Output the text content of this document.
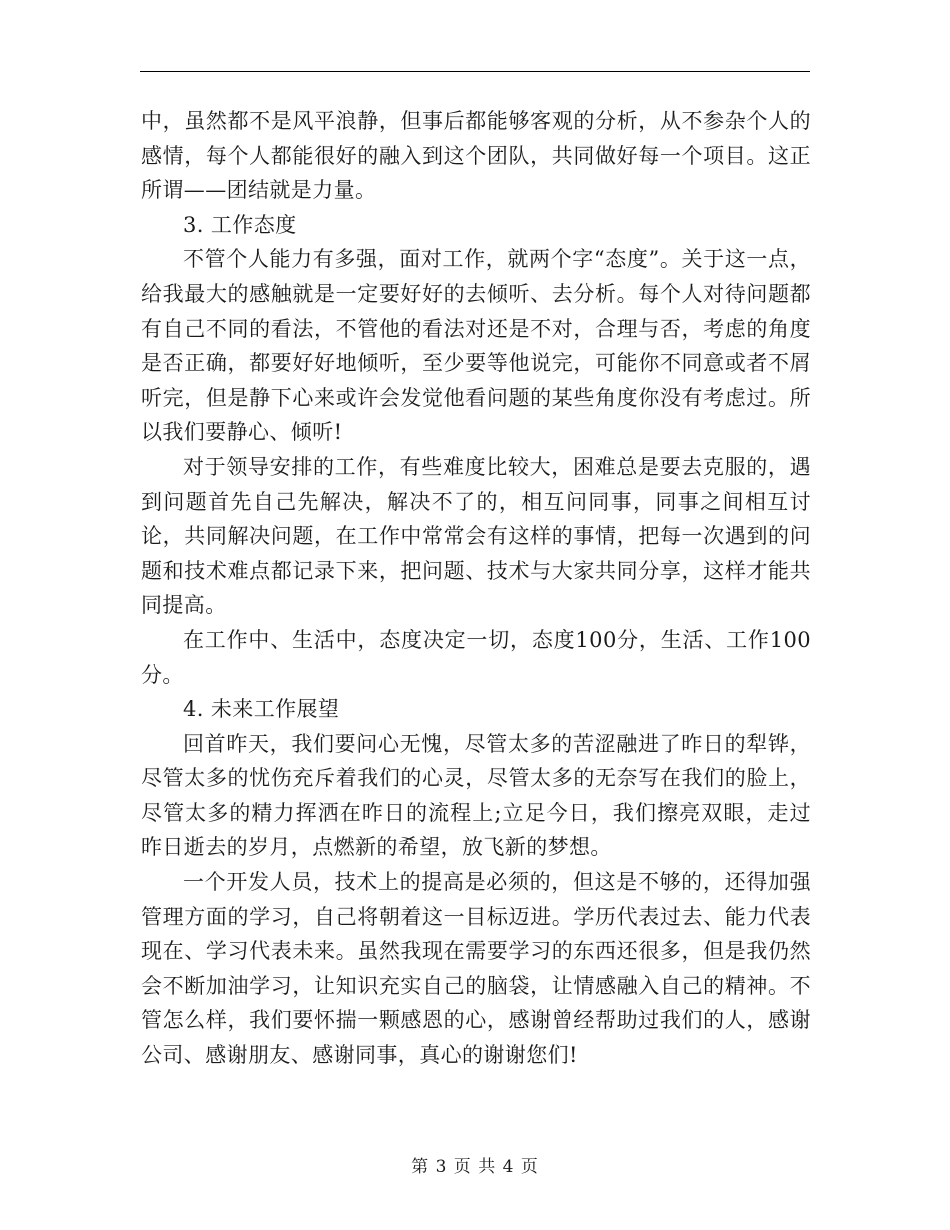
中，虽然都不是风平浪静，但事后都能够客观的分析，从不参杂个人的感情，每个人都能很好的融入到这个团队，共同做好每一个项目。这正所谓——团结就是力量。

3. 工作态度

不管个人能力有多强，面对工作，就两个字“态度”。关于这一点，给我最大的感触就是一定要好好的去倾听、去分析。每个人对待问题都有自己不同的看法，不管他的看法对还是不对，合理与否，考虑的角度是否正确，都要好好地倾听，至少要等他说完，可能你不同意或者不屑听完，但是静下心来或许会发觉他看问题的某些角度你没有考虑过。所以我们要静心、倾听!

对于领导安排的工作，有些难度比较大，困难总是要去克服的，遇到问题首先自己先解决，解决不了的，相互问同事，同事之间相互讨论，共同解决问题，在工作中常常会有这样的事情，把每一次遇到的问题和技术难点都记录下来，把问题、技术与大家共同分享，这样才能共同提高。

在工作中、生活中，态度决定一切，态度100分，生活、工作100分。

4. 未来工作展望

回首昨天，我们要问心无愧，尽管太多的苦涩融进了昨日的犁铧，尽管太多的忧伤充斥着我们的心灵，尽管太多的无奈写在我们的脸上，尽管太多的精力挥洒在昨日的流程上;立足今日，我们擦亮双眼，走过昨日逝去的岁月，点燃新的希望，放飞新的梦想。

一个开发人员，技术上的提高是必须的，但这是不够的，还得加强管理方面的学习，自己将朝着这一目标迈进。学历代表过去、能力代表现在、学习代表未来。虽然我现在需要学习的东西还很多，但是我仍然会不断加油学习，让知识充实自己的脑袋，让情感融入自己的精神。不管怎么样，我们要怀揣一颗感恩的心，感谢曾经帮助过我们的人，感谢公司、感谢朋友、感谢同事，真心的谢谢您们!

第 3 页 共 4 页
